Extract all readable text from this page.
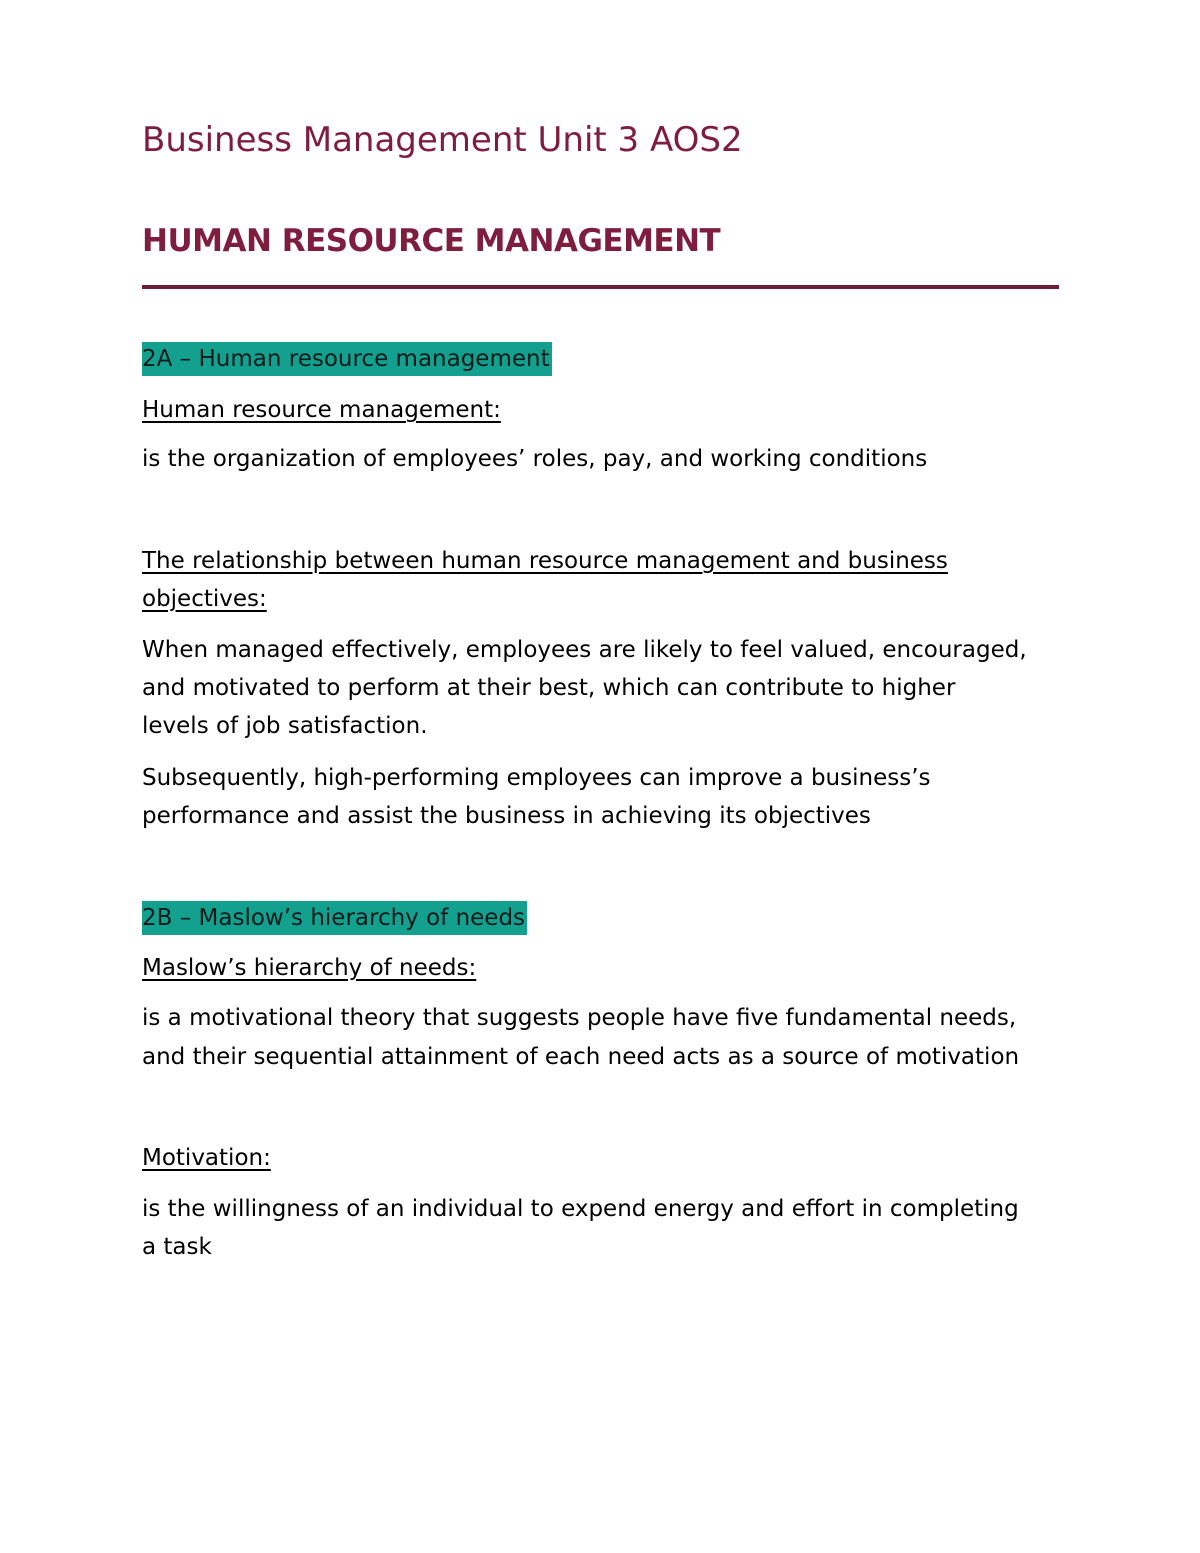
Business Management Unit 3 AOS2
HUMAN RESOURCE MANAGEMENT
2A – Human resource management
Human resource management:
is the organization of employees’ roles, pay, and working conditions
The relationship between human resource management and business
objectives:
When managed effectively, employees are likely to feel valued, encouraged,
and motivated to perform at their best, which can contribute to higher
levels of job satisfaction.
Subsequently, high-performing employees can improve a business’s
performance and assist the business in achieving its objectives
2B – Maslow’s hierarchy of needs
Maslow’s hierarchy of needs:
is a motivational theory that suggests people have five fundamental needs,
and their sequential attainment of each need acts as a source of motivation
Motivation:
is the willingness of an individual to expend energy and effort in completing
a task
